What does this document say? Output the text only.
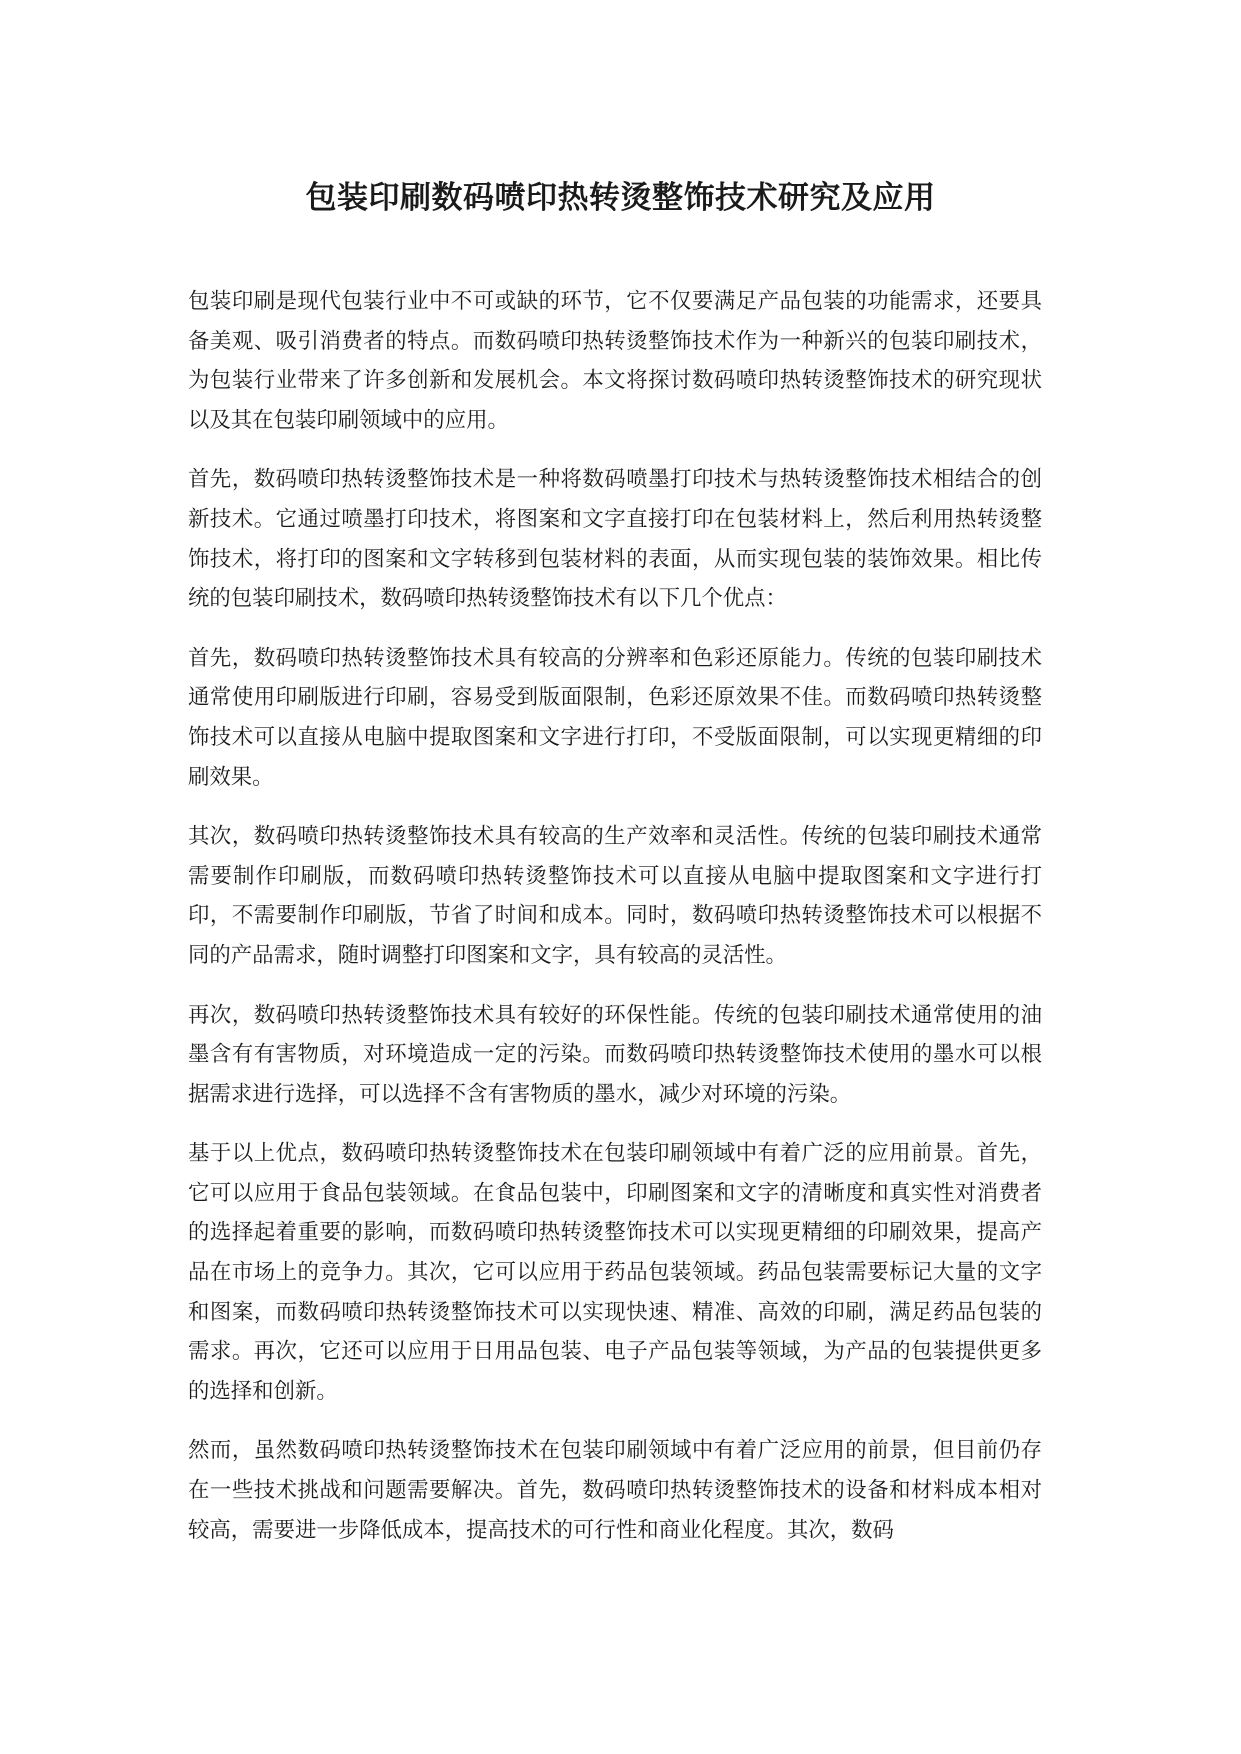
包装印刷数码喷印热转烫整饰技术研究及应用

包装印刷是现代包装行业中不可或缺的环节，它不仅要满足产品包装的功能需求，还要具备美观、吸引消费者的特点。而数码喷印热转烫整饰技术作为一种新兴的包装印刷技术，为包装行业带来了许多创新和发展机会。本文将探讨数码喷印热转烫整饰技术的研究现状以及其在包装印刷领域中的应用。

首先，数码喷印热转烫整饰技术是一种将数码喷墨打印技术与热转烫整饰技术相结合的创新技术。它通过喷墨打印技术，将图案和文字直接打印在包装材料上，然后利用热转烫整饰技术，将打印的图案和文字转移到包装材料的表面，从而实现包装的装饰效果。相比传统的包装印刷技术，数码喷印热转烫整饰技术有以下几个优点：

首先，数码喷印热转烫整饰技术具有较高的分辨率和色彩还原能力。传统的包装印刷技术通常使用印刷版进行印刷，容易受到版面限制，色彩还原效果不佳。而数码喷印热转烫整饰技术可以直接从电脑中提取图案和文字进行打印，不受版面限制，可以实现更精细的印刷效果。

其次，数码喷印热转烫整饰技术具有较高的生产效率和灵活性。传统的包装印刷技术通常需要制作印刷版，而数码喷印热转烫整饰技术可以直接从电脑中提取图案和文字进行打印，不需要制作印刷版，节省了时间和成本。同时，数码喷印热转烫整饰技术可以根据不同的产品需求，随时调整打印图案和文字，具有较高的灵活性。

再次，数码喷印热转烫整饰技术具有较好的环保性能。传统的包装印刷技术通常使用的油墨含有有害物质，对环境造成一定的污染。而数码喷印热转烫整饰技术使用的墨水可以根据需求进行选择，可以选择不含有害物质的墨水，减少对环境的污染。

基于以上优点，数码喷印热转烫整饰技术在包装印刷领域中有着广泛的应用前景。首先，它可以应用于食品包装领域。在食品包装中，印刷图案和文字的清晰度和真实性对消费者的选择起着重要的影响，而数码喷印热转烫整饰技术可以实现更精细的印刷效果，提高产品在市场上的竞争力。其次，它可以应用于药品包装领域。药品包装需要标记大量的文字和图案，而数码喷印热转烫整饰技术可以实现快速、精准、高效的印刷，满足药品包装的需求。再次，它还可以应用于日用品包装、电子产品包装等领域，为产品的包装提供更多的选择和创新。

然而，虽然数码喷印热转烫整饰技术在包装印刷领域中有着广泛应用的前景，但目前仍存在一些技术挑战和问题需要解决。首先，数码喷印热转烫整饰技术的设备和材料成本相对较高，需要进一步降低成本，提高技术的可行性和商业化程度。其次，数码
